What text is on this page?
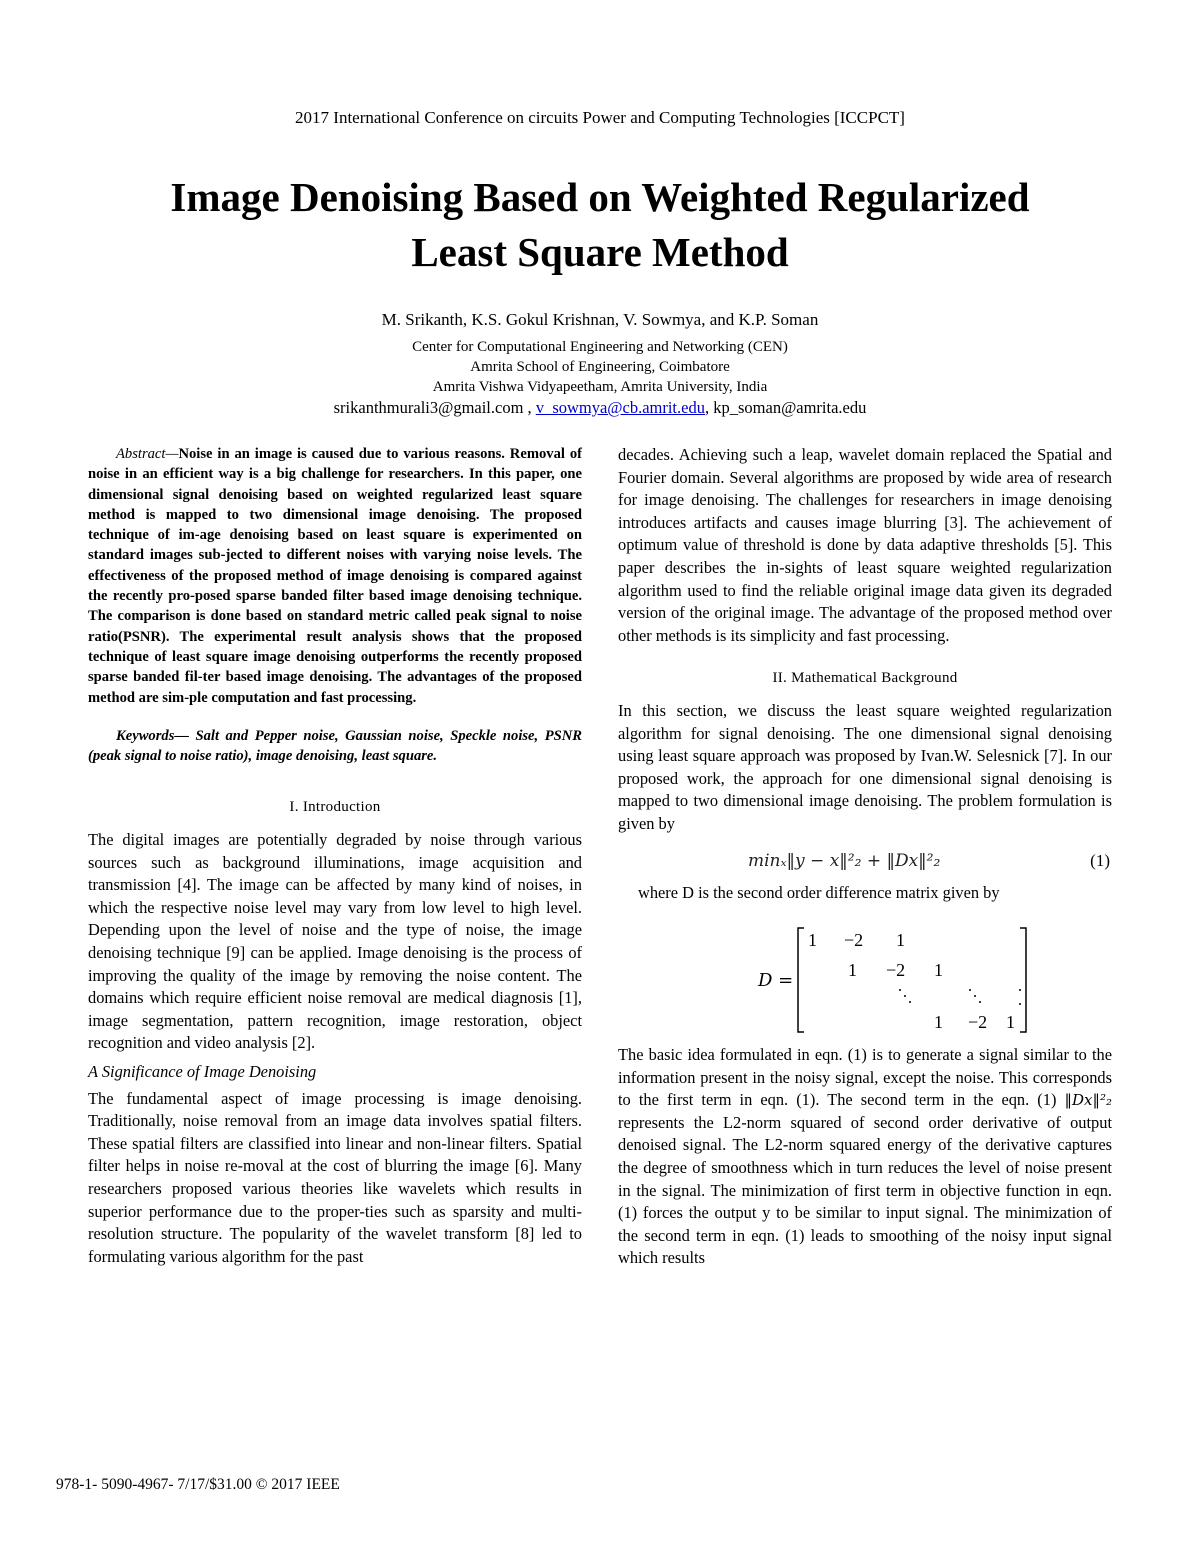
2017 International Conference on circuits Power and Computing Technologies [ICCPCT]
Image Denoising Based on Weighted Regularized
Least Square Method
M. Srikanth, K.S. Gokul Krishnan, V. Sowmya, and K.P. Soman
Center for Computational Engineering and Networking (CEN)
Amrita School of Engineering, Coimbatore
Amrita Vishwa Vidyapeetham, Amrita University, India
srikanthmurali3@gmail.com , v_sowmya@cb.amrit.edu, kp_soman@amrita.edu

Abstract—Noise in an image is caused due to various reasons. Removal of noise in an efficient way is a big challenge for researchers. In this paper, one dimensional signal denoising based on weighted regularized least square method is mapped to two dimensional image denoising. The proposed technique of im-age denoising based on least square is experimented on standard images sub-jected to different noises with varying noise levels. The effectiveness of the proposed method of image denoising is compared against the recently pro-posed sparse banded filter based image denoising technique. The comparison is done based on standard metric called peak signal to noise ratio(PSNR). The experimental result analysis shows that the proposed technique of least square image denoising outperforms the recently proposed sparse banded fil-ter based image denoising. The advantages of the proposed method are sim-ple computation and fast processing.

Keywords— Salt and Pepper noise, Gaussian noise, Speckle noise, PSNR (peak signal to noise ratio), image denoising, least square.

I. Introduction

The digital images are potentially degraded by noise through various sources such as background illuminations, image acquisition and transmission [4]. The image can be affected by many kind of noises, in which the respective noise level may vary from low level to high level. Depending upon the level of noise and the type of noise, the image denoising technique [9] can be applied. Image denoising is the process of improving the quality of the image by removing the noise content. The domains which require efficient noise removal are medical diagnosis [1], image segmentation, pattern recognition, image restoration, object recognition and video analysis [2].

A Significance of Image Denoising

The fundamental aspect of image processing is image denoising. Traditionally, noise removal from an image data involves spatial filters. These spatial filters are classified into linear and non-linear filters. Spatial filter helps in noise re-moval at the cost of blurring the image [6]. Many researchers proposed various theories like wavelets which results in superior performance due to the proper-ties such as sparsity and multi-resolution structure. The popularity of the wavelet transform [8] led to formulating various algorithm for the past

decades. Achieving such a leap, wavelet domain replaced the Spatial and Fourier domain. Several algorithms are proposed by wide area of research for image denoising. The challenges for researchers in image denoising introduces artifacts and causes image blurring [3]. The achievement of optimum value of threshold is done by data adaptive thresholds [5]. This paper describes the in-sights of least square weighted regularization algorithm used to find the reliable original image data given its degraded version of the original image. The advantage of the proposed method over other methods is its simplicity and fast processing.

II. Mathematical Background

In this section, we discuss the least square weighted regularization algorithm for signal denoising. The one dimensional signal denoising using least square approach was proposed by Ivan.W. Selesnick [7]. In our proposed work, the approach for one dimensional signal denoising is mapped to two dimensional image denoising. The problem formulation is given by

minₓ‖y − x‖²₂ + ‖Dx‖²₂	(1)

where D is the second order difference matrix given by

D =
1 −2 1
1 −2 1
1 −2 1

The basic idea formulated in eqn. (1) is to generate a signal similar to the information present in the noisy signal, except the noise. This corresponds to the first term in eqn. (1). The second term in the eqn. (1) ‖Dx‖²₂ represents the L2-norm squared of second order derivative of output denoised signal. The L2-norm squared energy of the derivative captures the degree of smoothness which in turn reduces the level of noise present in the signal. The minimization of first term in objective function in eqn. (1) forces the output y to be similar to input signal. The minimization of the second term in eqn. (1) leads to smoothing of the noisy input signal which results

978-1- 5090-4967- 7/17/$31.00 © 2017 IEEE
